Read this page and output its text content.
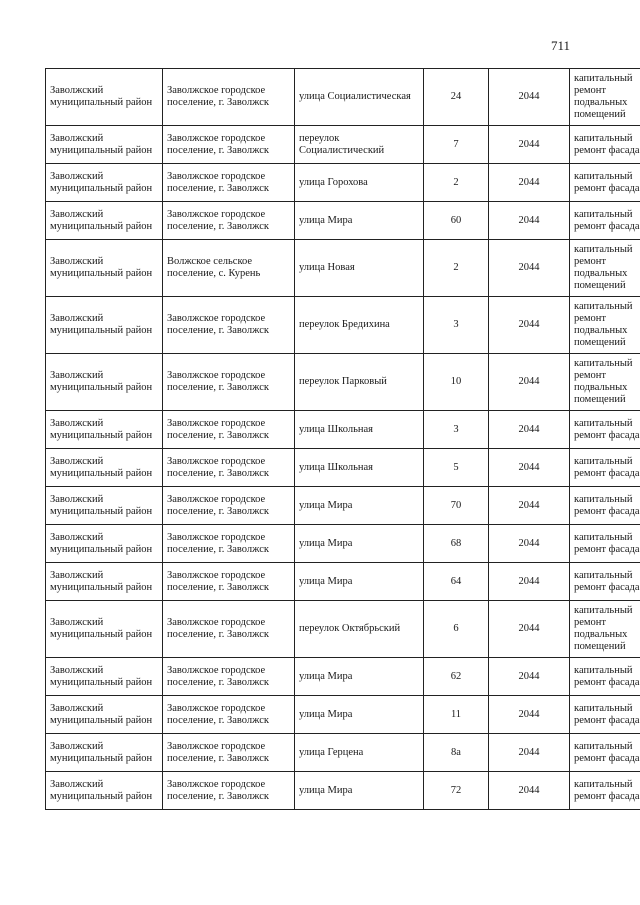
711
Заволжский муниципальный район	Заволжское городское поселение, г. Заволжск	улица Социалистическая	24	2044	капитальный ремонт подвальных помещений
Заволжский муниципальный район	Заволжское городское поселение, г. Заволжск	переулок Социалистический	7	2044	капитальный ремонт фасада
Заволжский муниципальный район	Заволжское городское поселение, г. Заволжск	улица Горохова	2	2044	капитальный ремонт фасада
Заволжский муниципальный район	Заволжское городское поселение, г. Заволжск	улица Мира	60	2044	капитальный ремонт фасада
Заволжский муниципальный район	Волжское сельское поселение, с. Курень	улица Новая	2	2044	капитальный ремонт подвальных помещений
Заволжский муниципальный район	Заволжское городское поселение, г. Заволжск	переулок Бредихина	3	2044	капитальный ремонт подвальных помещений
Заволжский муниципальный район	Заволжское городское поселение, г. Заволжск	переулок Парковый	10	2044	капитальный ремонт подвальных помещений
Заволжский муниципальный район	Заволжское городское поселение, г. Заволжск	улица Школьная	3	2044	капитальный ремонт фасада
Заволжский муниципальный район	Заволжское городское поселение, г. Заволжск	улица Школьная	5	2044	капитальный ремонт фасада
Заволжский муниципальный район	Заволжское городское поселение, г. Заволжск	улица Мира	70	2044	капитальный ремонт фасада
Заволжский муниципальный район	Заволжское городское поселение, г. Заволжск	улица Мира	68	2044	капитальный ремонт фасада
Заволжский муниципальный район	Заволжское городское поселение, г. Заволжск	улица Мира	64	2044	капитальный ремонт фасада
Заволжский муниципальный район	Заволжское городское поселение, г. Заволжск	переулок Октябрьский	6	2044	капитальный ремонт подвальных помещений
Заволжский муниципальный район	Заволжское городское поселение, г. Заволжск	улица Мира	62	2044	капитальный ремонт фасада
Заволжский муниципальный район	Заволжское городское поселение, г. Заволжск	улица Мира	11	2044	капитальный ремонт фасада
Заволжский муниципальный район	Заволжское городское поселение, г. Заволжск	улица Герцена	8а	2044	капитальный ремонт фасада
Заволжский муниципальный район	Заволжское городское поселение, г. Заволжск	улица Мира	72	2044	капитальный ремонт фасада
